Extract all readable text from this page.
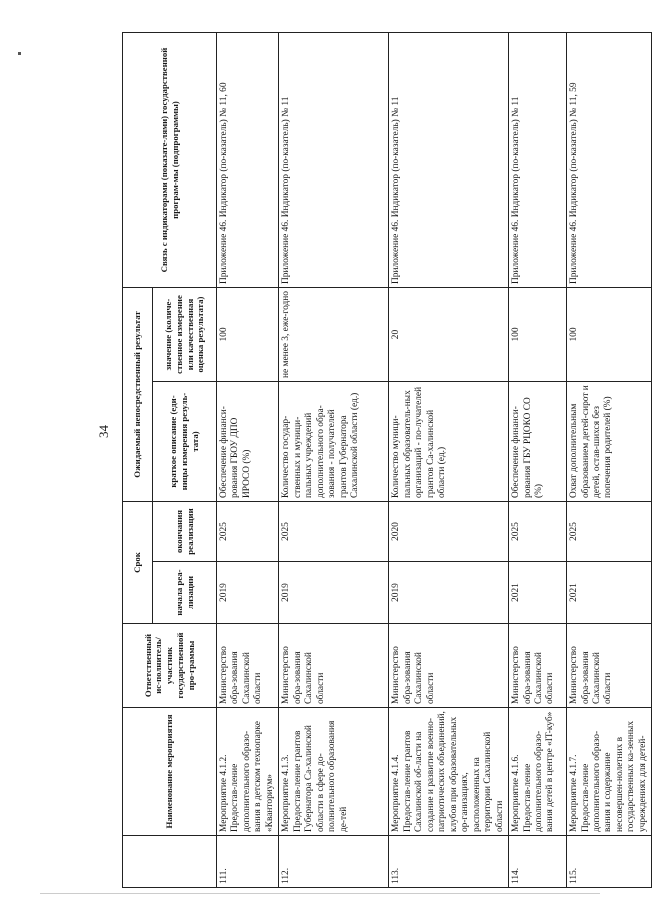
34
	Наименование мероприятия	Ответственный ис-полнитель/участник государственной про-граммы	Срок		Ожидаемый непосредственный результат		Связь с индикаторами (показате-лями) государственной програм-мы (подпрограммы)
			начала реа-лизации	окончания реализации	краткое описание (еди-ницы измерения резуль-тата)	значение (количе-ственное измерение или качественная оценка результата)	
111.	Мероприятие 4.1.2. Предостав-ление дополнительного образо-вания в детском технопарке «Кванториум»	Министерство обра-зования Сахалинской области	2019	2025	Обеспечение финанси-рования ГБОУ ДПО ИРОСО (%)	100	Приложение 46. Индикатор (по-казатель) № 11, 60
112.	Мероприятие 4.1.3. Предостав-ление грантов Губернатора Са-халинской области в сфере до-полнительного образования де-тей	Министерство обра-зования Сахалинской области	2019	2025	Количество государ-ственных и муници-пальных учреждений дополнительного обра-зования - получателей грантов Губернатора Сахалинской области (ед.)	не менее 3, еже-годно	Приложение 46. Индикатор (по-казатель) № 11
113.	Мероприятие 4.1.4. Предостав-ление грантов Сахалинской об-ласти на создание и развитие военно-патриотических объединений, клубов при образовательных ор-ганизациях, расположенных на территории Сахалинской области	Министерство обра-зования Сахалинской области	2019	2020	Количество муници-пальных образователь-ных организаций - по-лучателей грантов Са-халинской области (ед.)	20	Приложение 46. Индикатор (по-казатель) № 11
114.	Мероприятие 4.1.6. Предостав-ление дополнительного образо-вания детей в центре «IT-куб»	Министерство обра-зования Сахалинской области	2021	2025	Обеспечение финанси-рования ГБУ РЦОКО СО (%)	100	Приложение 46. Индикатор (по-казатель) № 11
115.	Мероприятие 4.1.7. Предостав-ление дополнительного образо-вания и содержание несовершен-нолетних в государственных ка-зенных учреждениях для детей-	Министерство обра-зования Сахалинской области	2021	2025	Охват дополнительным образованием детей-сирот и детей, остав-шихся без попечения родителей (%)	100	Приложение 46. Индикатор (по-казатель) № 11, 59
